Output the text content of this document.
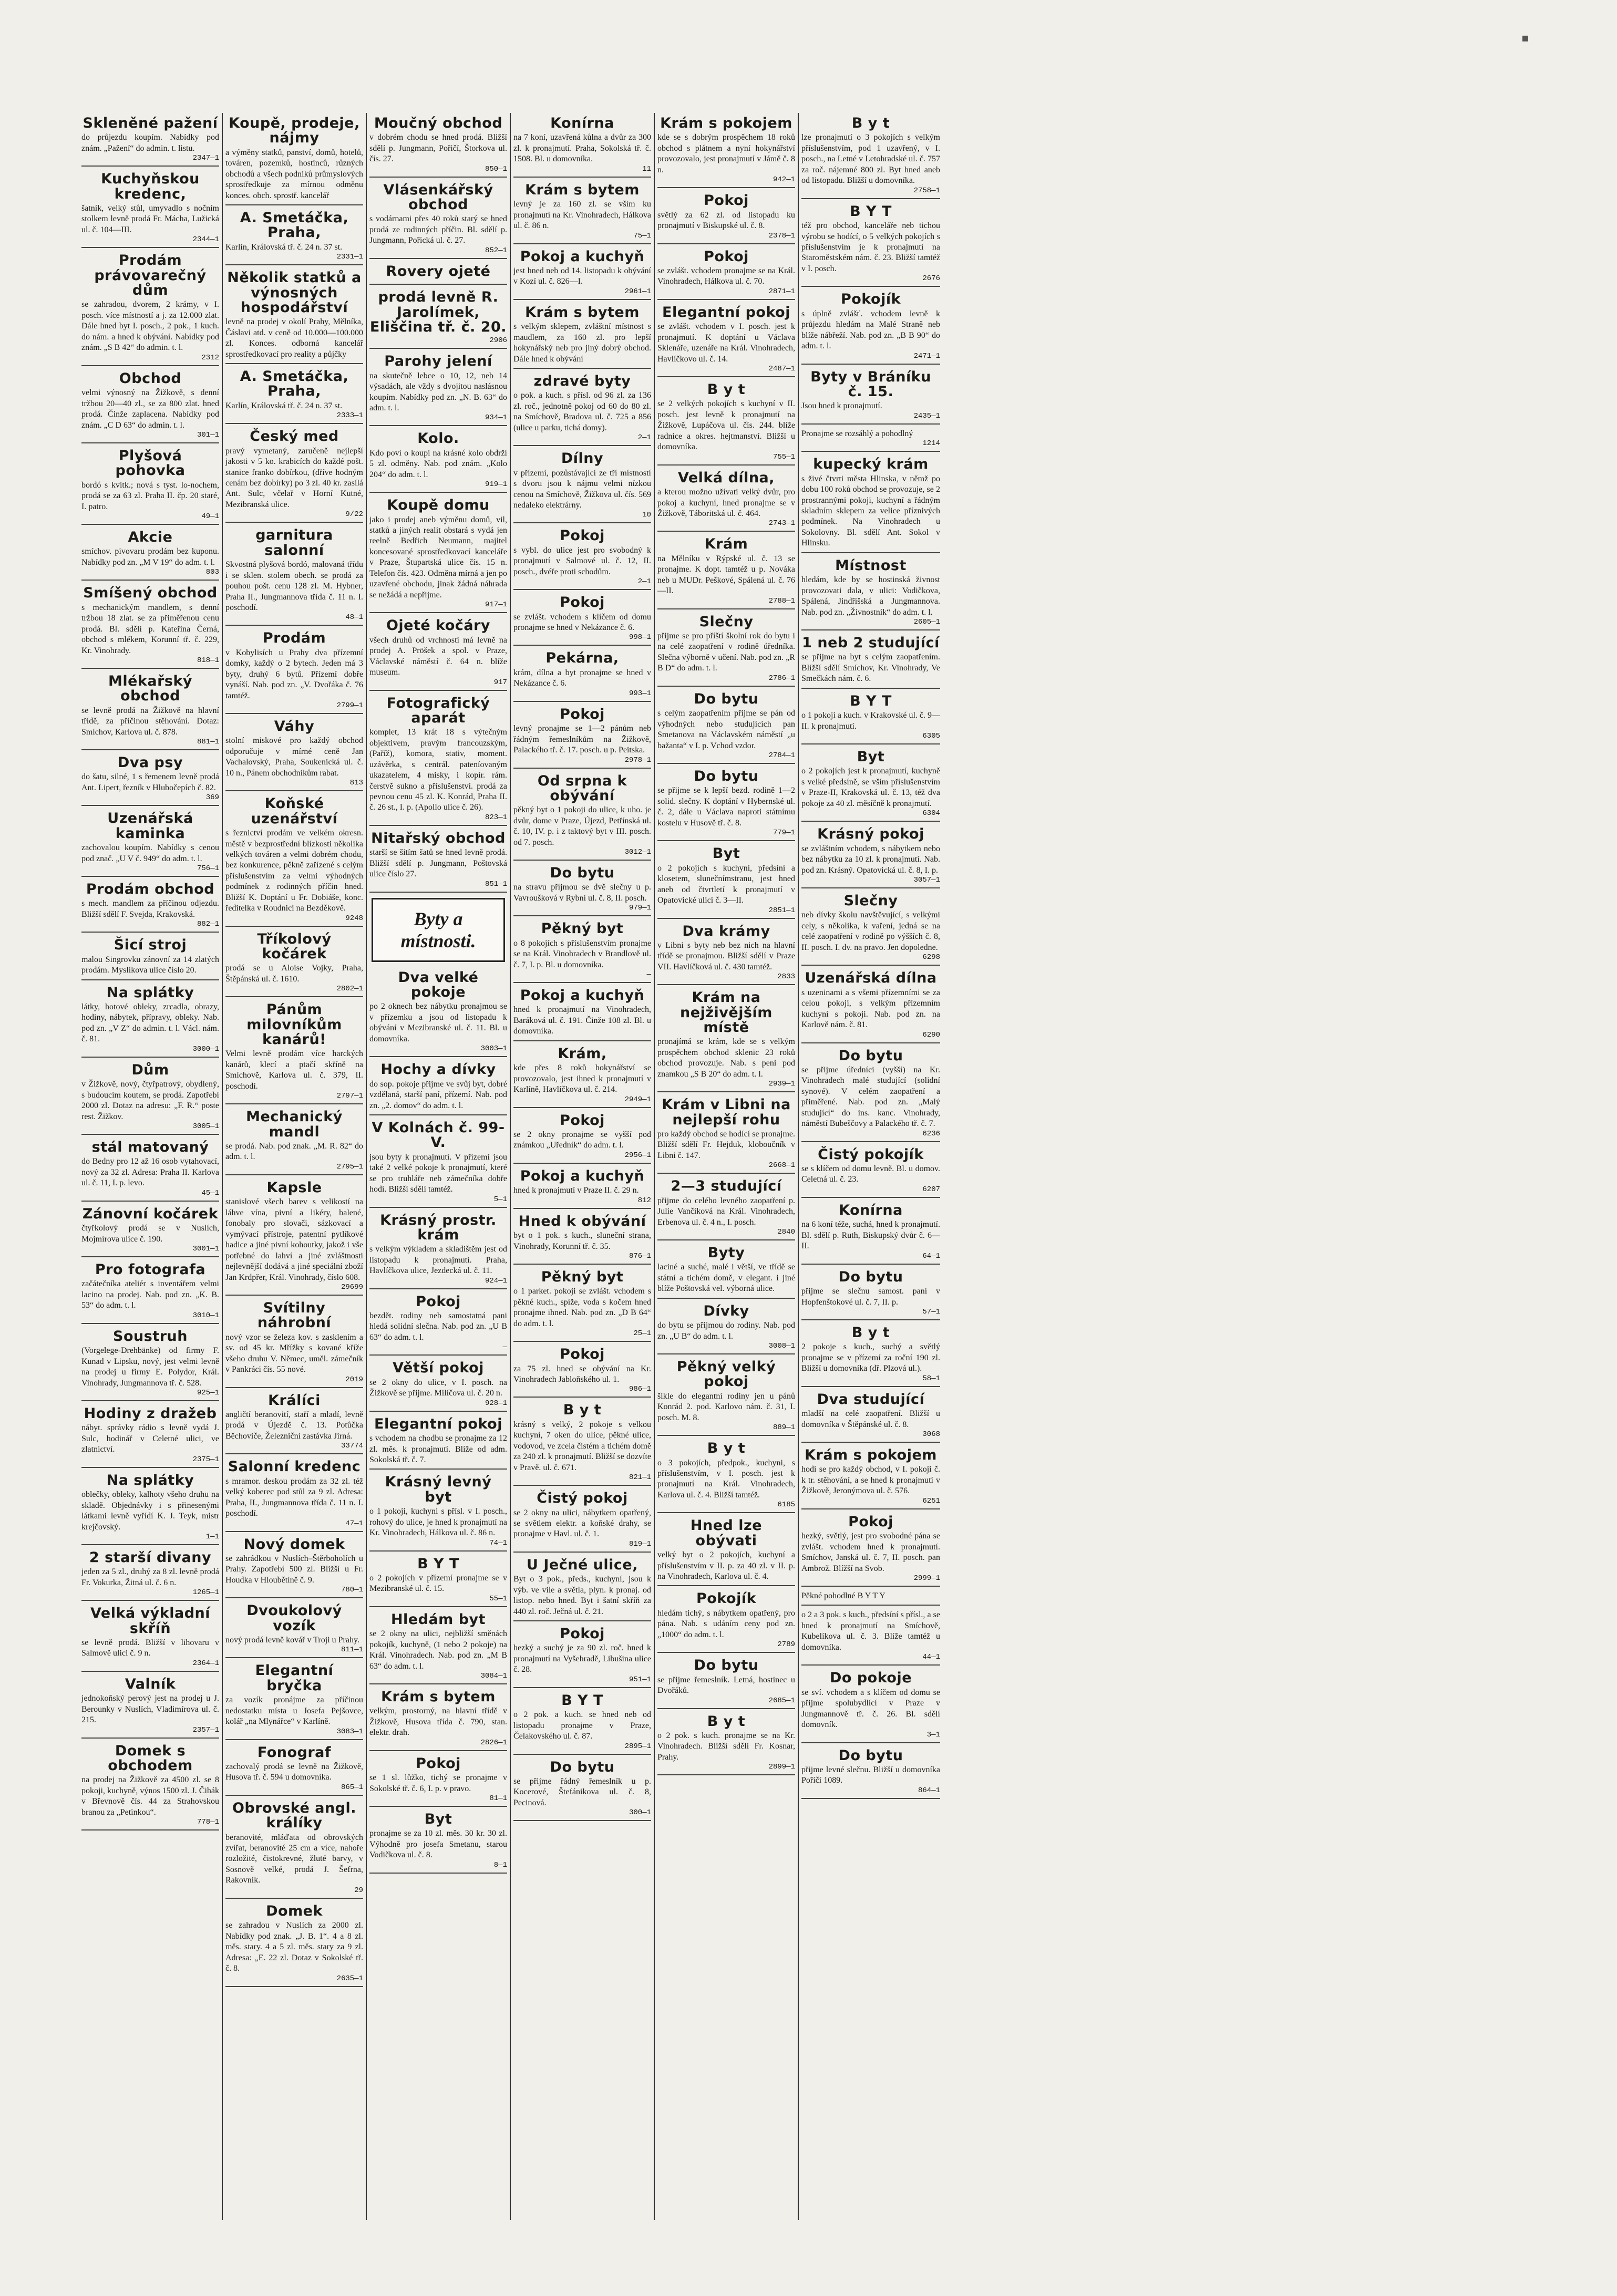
Skleněné pažení
do průjezdu koupím. Nabídky pod znám. „Pažení“ do admin. t. listu.
2347—1
Kuchyňskou kredenc,
šatník, velký stůl, umyvadlo s nočním stolkem levně prodá Fr. Mácha, Lužická ul. č. 104—III.
2344—1
Prodám právovarečný dům
se zahradou, dvorem, 2 krámy, v I. posch. více místností a j. za 12.000 zlat. Dále hned byt I. posch., 2 pok., 1 kuch. do nám. a hned k obývání. Nabídky pod znám. „S B 42“ do admin. t. l.
2312
Obchod
velmi výnosný na Žižkově, s denní tržbou 20—40 zl., se za 800 zlat. hned prodá. Činže zaplacena. Nabídky pod znám. „C D 63“ do admin. t. l.
301—1
Plyšová pohovka
bordó s kvítk.; nová s tyst. lo-nochem, prodá se za 63 zl. Praha II. čp. 20 staré, I. patro.
49—1
Akcie
smíchov. pivovaru prodám bez kuponu. Nabídky pod zn. „M V 19“ do adm. t. l.
803
Smíšený obchod
s mechanickým mandlem, s denní tržbou 18 zlat. se za přiměřenou cenu prodá. Bl. sdělí p. Kateřina Černá, obchod s mlékem, Korunní tř. č. 229, Kr. Vinohrady.
818—1
Mlékařský obchod
se levně prodá na Žižkově na hlavní třídě, za příčinou stěhování. Dotaz: Smíchov, Karlova ul. č. 878.
881—1
Dva psy
do šatu, silné, 1 s řemenem levně prodá Ant. Lipert, řezník v Hlubočepích č. 82.
369
Uzenářská kaminka
zachovalou koupím. Nabídky s cenou pod znač. „U V č. 949“ do adm. t. l.
756—1
Prodám obchod
s mech. mandlem za příčinou odjezdu. Bližší sdělí F. Svejda, Krakovská.
882—1
Šicí stroj
malou Singrovku zánovní za 14 zlatých prodám. Myslíkova ulice číslo 20.
Na splátky
látky, hotové obleky, zrcadla, obrazy, hodiny, nábytek, přípravy, obleky. Nab. pod zn. „V Z“ do admin. t. l. Václ. nám. č. 81.
3000—1
Dům
v Žižkově, nový, čtyřpatrový, obydlený, s budoucím koutem, se prodá. Zapotřebí 2000 zl. Dotaz na adresu: „F. R.“ poste rest. Žižkov.
3005—1
stál matovaný
do Bedny pro 12 až 16 osob vytahovací, nový za 32 zl. Adresa: Praha II. Karlova ul. č. 11, I. p. levo.
45—1
Zánovní kočárek
čtyřkolový prodá se v Nuslích, Mojmírova ulice č. 190.
3001—1
Pro fotografa
začátečníka ateliér s inventářem velmi lacino na prodej. Nab. pod zn. „K. B. 53“ do adm. t. l.
3010—1
Soustruh
(Vorgelege-Drehbänke) od firmy F. Kunad v Lipsku, nový, jest velmi levně na prodej u firmy E. Polydor, Král. Vinohrady, Jungmannova tř. č. 528.
925—1
Hodiny z dražeb
nábyt. správky rádio s levně vydá J. Sulc, hodinář v Celetné ulici, ve zlatnictví.
2375—1
Na splátky
oblečky, obleky, kalhoty všeho druhu na skladě. Objednávky i s přinesenými látkami levně vyřídí K. J. Teyk, mistr krejčovský.
1—1
2 starší divany
jeden za 5 zl., druhý za 8 zl. levně prodá Fr. Vokurka, Žitná ul. č. 6 n.
1265—1
Velká výkladní skříň
se levně prodá. Bližší v lihovaru v Salmově ulici č. 9 n.
2364—1
Valník
jednokoňský perový jest na prodej u J. Berounky v Nuslích, Vladimírova ul. č. 215.
2357—1
Domek s obchodem
na prodej na Žižkově za 4500 zl. se 8 pokoji, kuchyně, výnos 1500 zl. J. Čihák v Břevnově čís. 44 za Strahovskou branou za „Petinkou“.
778—1
Koupě, prodeje, nájmy
a výměny statků, panství, domů, hotelů, továren, pozemků, hostinců, různých obchodů a všech podniků průmyslových sprostředkuje za mírnou odměnu konces. obch. sprostř. kancelář
A. Smetáčka, Praha,
Karlín, Královská tř. č. 24 n. 37 st.
2331—1
Několik statků a výnosných hospodářství
levně na prodej v okolí Prahy, Mělníka, Čáslavi atd. v ceně od 10.000—100.000 zl. Konces. odborná kancelář sprostředkovací pro reality a půjčky
A. Smetáčka, Praha,
Karlín, Královská tř. č. 24 n. 37 st.
2333—1
Český med
pravý vymetaný, zaručeně nejlepší jakosti v 5 ko. krabicích do každé pošt. stanice franko dobírkou, (dříve hodným cenám bez dobírky) po 3 zl. 40 kr. zasílá Ant. Sulc, včelař v Horní Kutné, Mezibranská ulice.
9/22
garnitura salonní
Skvostná plyšová bordó, malovaná třídu i se sklen. stolem obech. se prodá za pouhou pošt. cenu 128 zl. M. Hybner, Praha II., Jungmannova třída č. 11 n. I. poschodí.
48—1
Prodám
v Kobylisích u Prahy dva přízemní domky, každý o 2 bytech. Jeden má 3 byty, druhý 6 bytů. Přízemí dobře vynáší. Nab. pod zn. „V. Dvořáka č. 76 tamtéž.
2799—1
Váhy
stolní miskové pro každý obchod odporučuje v mírné ceně Jan Vachalovský, Praha, Soukenická ul. č. 10 n., Pánem obchodníkům rabat.
813
Koňské uzenářství
s řeznictví prodám ve velkém okresn. městě v bezprostřední blízkosti několika velkých továren a velmi dobrém chodu, bez konkurence, pěkně zařízené s celým příslušenstvím za velmi výhodných podmínek z rodinných příčin hned. Bližší K. Doptání u Fr. Dobiáše, konc. ředitelka v Roudnici na Bezděkově.
9248
Tříkolový kočárek
prodá se u Aloise Vojky, Praha, Štěpánská ul. č. 1610.
2802—1
Pánům milovníkům kanárů!
Velmi levně prodám více harckých kanárů, klecí a ptačí skříně na Smíchově, Karlova ul. č. 379, II. poschodí.
2797—1
Mechanický mandl
se prodá. Nab. pod znak. „M. R. 82“ do adm. t. l.
2795—1
Kapsle
stanislové všech barev s velikostí na láhve vína, pivní a likéry, balené, fonobaly pro slovači, sázkovací a vymývací přístroje, patentní pytlíkové hadice a jiné pivní kohoutky, jakož i vše potřebné do lahví a jiné zvláštnosti nejlevnější dodává a jiné speciální zboží Jan Krdpřer, Král. Vinohrady, číslo 608.
29699
Svítilny náhrobní
nový vzor se železa kov. s zasklením a sv. od 45 kr. Mřížky s kované kříže všeho druhu V. Němec, uměl. zámečník v Pankráci čís. 55 nové.
2019
Králíci
angličtí beranovití, staří a mladí, levně prodá v Újezdě č. 13. Potůčka Běchoviče, Železniční zastávka Jirná.
33774
Salonní kredenc
s mramor. deskou prodám za 32 zl. též velký koberec pod stůl za 9 zl. Adresa: Praha, II., Jungmannova třída č. 11 n. I. poschodí.
47—1
Nový domek
se zahrádkou v Nuslích–Štěrboholích u Prahy. Zapotřebí 500 zl. Bližší u Fr. Houdka v Hloubětíně č. 9.
780—1
Dvoukolový vozík
nový prodá levně kovář v Troji u Prahy.
811—1
Elegantní bryčka
za vozík pronájme za příčinou nedostatku místa u Josefa Pejšovce, kolář „na Mlynářce“ v Karlíně.
3083—1
Fonograf
zachovalý prodá se levně na Žižkově, Husova tř. č. 594 u domovníka.
865—1
Obrovské angl. králíky
beranovité, mláďata od obrovských zvířat, beranovité 25 cm a více, nahoře rozložité, čistokrevné, žluté barvy, v Sosnově velké, prodá J. Šefrna, Rakovník.
29
Domek
se zahradou v Nuslích za 2000 zl. Nabídky pod znak. „J. B. 1“. 4 a 8 zl. měs. stary. 4 a 5 zl. měs. stary za 9 zl. Adresa: „E. 22 zl. Dotaz v Sokolské tř. č. 8.
2635—1
Moučný obchod
v dobrém chodu se hned prodá. Bližší sdělí p. Jungmann, Pořičí, Štorkova ul. čís. 27.
850—1
Vlásenkářský obchod
s vodárnami přes 40 roků starý se hned prodá ze rodinných příčin. Bl. sdělí p. Jungmann, Pořická ul. č. 27.
852—1
Rovery ojeté
prodá levně R. Jarolímek, Eliščina tř. č. 20.
2906
Parohy jelení
na skutečně lebce o 10, 12, neb 14 výsadách, ale vždy s dvojitou naslásnou koupím. Nabídky pod zn. „N. B. 63“ do adm. t. l.
934—1
Kolo.
Kdo poví o koupi na krásné kolo obdrží 5 zl. odměny. Nab. pod znám. „Kolo 204“ do adm. t. l.
919—1
Koupě domu
jako i prodej aneb výměnu domů, vil, statků a jiných realit obstará s vydá jen reelně Bedřich Neumann, majitel koncesované sprostředkovací kanceláře v Praze, Štupartská ulice čís. 15 n. Telefon čís. 423. Odměna mírná a jen po uzavřené obchodu, jinak žádná náhrada se nežádá a nepřijme.
917—1
Ojeté kočáry
všech druhů od vrchnosti má levně na prodej A. Pröšek a spol. v Praze, Václavské náměstí č. 64 n. blíže museum.
917
Fotografický aparát
komplet, 13 krát 18 s výtečným objektivem, pravým francouzským, (Paříž), komora, stativ, moment. uzávěrka, s centrál. pateníovaným ukazatelem, 4 misky, i kopír. rám. čerstvě sukno a příslušenství. prodá za pevnou cenu 45 zl. K. Konrád, Praha II. č. 26 st., I. p. (Apollo ulice č. 26).
823—1
Nitařský obchod
starší se šitím šatů se hned levně prodá. Bližší sdělí p. Jungmann, Poštovská ulice číslo 27.
851—1
Byty a místnosti.
Dva velké pokoje
po 2 oknech bez nábytku pronajmou se v přízemku a jsou od listopadu k obývání v Mezibranské ul. č. 11. Bl. u domovníka.
3003—1
Hochy a dívky
do sop. pokoje přijme ve svůj byt, dobré vzdělaná, starší paní, přízemí. Nab. pod zn. „2. domov“ do adm. t. l.
V Kolnách č. 99-V.
jsou byty k pronajmutí. V přízemí jsou také 2 velké pokoje k pronajmutí, které se pro truhláře neb zámečníka dobře hodí. Bližší sdělí tamtéž.
5—1
Krásný prostr. krám
s velkým výkladem a skladištěm jest od listopadu k pronajmutí. Praha, Havlíčkova ulice, Jezdecká ul. č. 11.
924—1
Pokoj
bezdět. rodiny neb samostatná pani hledá solidní slečna. Nab. pod zn. „U B 63“ do adm. t. l.
—
Větší pokoj
se 2 okny do ulice, v I. posch. na Žižkově se přijme. Milíčova ul. č. 20 n.
928—1
Elegantní pokoj
s vchodem na chodbu se pronajme za 12 zl. měs. k pronajmutí. Blíže od adm. Sokolská tř. č. 7.
Krásný levný byt
o 1 pokoji, kuchyni s přísl. v I. posch., rohový do ulice, je hned k pronajmutí na Kr. Vinohradech, Hálkova ul. č. 86 n.
74—1
B Y T
o 2 pokojích v přízemí pronajme se v Mezibranské ul. č. 15.
55—1
Hledám byt
se 2 okny na ulici, nejbližší směnách pokojík, kuchyně, (1 nebo 2 pokoje) na Král. Vinohradech. Nab. pod zn. „M B 63“ do adm. t. l.
3084—1
Krám s bytem
velkým, prostorný, na hlavní třídě v Žižkově, Husova třída č. 790, stan. elektr. drah.
2826—1
Pokoj
se 1 sl. lůžko, tichý se pronajme v Sokolské tř. č. 6, I. p. v pravo.
81—1
Byt
pronajme se za 10 zl. měs. 30 kr. 30 zl. Výhodně pro josefa Smetanu, starou Vodičkova ul. č. 8.
8—1
Konírna
na 7 koní, uzavřená kůlna a dvůr za 300 zl. k pronajmutí. Praha, Sokolská tř. č. 1508. Bl. u domovníka.
11
Krám s bytem
levný je za 160 zl. se vším ku pronajmutí na Kr. Vinohradech, Hálkova ul. č. 86 n.
75—1
Pokoj a kuchyň
jest hned neb od 14. listopadu k obývání v Kozí ul. č. 826—I.
2961—1
Krám s bytem
s velkým sklepem, zvláštní místnost s maudlem, za 160 zl. pro lepší hokynářský neb pro jiný dobrý obchod. Dále hned k obývání
zdravé byty
o pok. a kuch. s přísl. od 96 zl. za 136 zl. roč., jednotně pokoj od 60 do 80 zl. na Smíchově, Bradova ul. č. 725 a 856 (ulice u parku, tichá domy).
2—1
Dílny
v přízemí, pozůstávající ze tří místností s dvoru jsou k nájmu velmi nízkou cenou na Smíchově, Žižkova ul. čís. 569 nedaleko elektrárny.
10
Pokoj
s vybl. do ulice jest pro svobodný k pronajmutí v Salmové ul. č. 12, II. posch., dvéře proti schodům.
2—1
Pokoj
se zvlášt. vchodem s klíčem od domu pronajme se hned v Nekázance č. 6.
998—1
Pekárna,
krám, dílna a byt pronajme se hned v Nekázance č. 6.
993—1
Pokoj
levný pronajme se 1—2 pánům neb řádným řemeslníkům na Žižkově, Palackého tř. č. 17. posch. u p. Peitska.
2978—1
Od srpna k obývání
pěkný byt o 1 pokoji do ulice, k uho. je dvůr, dome v Praze, Újezd, Petřínská ul. č. 10, IV. p. i z taktový byt v III. posch. od 7. posch.
3012—1
Do bytu
na stravu příjmou se dvě slečny u p. Vavroušková v Rybní ul. č. 8, II. posch.
979—1
Pěkný byt
o 8 pokojích s příslušenstvím pronajme se na Král. Vinohradech v Brandlově ul. č. 7, I. p. Bl. u domovníka.
—
Pokoj a kuchyň
hned k pronajmutí na Vinohradech, Baráková ul. č. 191. Činže 108 zl. Bl. u domovníka.
Krám,
kde přes 8 roků hokynářství se provozovalo, jest ihned k pronajmutí v Karlíně, Havlíčkova ul. č. 214.
2949—1
Pokoj
se 2 okny pronajme se vyšší pod známkou „Uředník“ do adm. t. l.
2956—1
Pokoj a kuchyň
hned k pronajmutí v Praze II. č. 29 n.
812
Hned k obývání
byt o 1 pok. s kuch., sluneční strana, Vinohrady, Korunní tř. č. 35.
876—1
Pěkný byt
o 1 parket. pokoji se zvlášt. vchodem s pěkné kuch., spíže, voda s kočem hned pronajme ihned. Nab. pod zn. „D B 64“ do adm. t. l.
25—1
Pokoj
za 75 zl. hned se obývání na Kr. Vinohradech Jabloňského ul. 1.
986—1
B y t
krásný s velký, 2 pokoje s velkou kuchyní, 7 oken do ulice, pěkné ulice, vodovod, ve zcela čistém a tichém domě za 240 zl. k pronajmutí. Bližší se dozvíte v Pravě. ul. č. 671.
821—1
Čistý pokoj
se 2 okny na ulici, nábytkem opatřený, se světlem elektr. a koňské drahy, se pronajme v Havl. ul. č. 1.
819—1
U Ječné ulice,
Byt o 3 pok., předs., kuchyní, jsou k výb. ve vile a světla, plyn. k pronaj. od listop. nebo hned. Byt i šatní skříň za 440 zl. roč. Ječná ul. č. 21.
Pokoj
hezký a suchý je za 90 zl. roč. hned k pronajmutí na Vyšehradě, Libušina ulice č. 28.
951—1
B Y T
o 2 pok. a kuch. se hned neb od listopadu pronajme v Praze, Čelakovského ul. č. 87.
2895—1
Do bytu
se přijme řádný řemeslník u p. Kocerové, Štefánikova ul. č. 8, Pecinová.
300—1
Krám s pokojem
kde se s dobrým prospěchem 18 roků obchod s plátnem a nyní hokynářství provozovalo, jest pronajmutí v Jámě č. 8 n.
942—1
Pokoj
světlý za 62 zl. od listopadu ku pronajmutí v Biskupské ul. č. 8.
2378—1
Pokoj
se zvlášt. vchodem pronajme se na Král. Vinohradech, Hálkova ul. č. 70.
2871—1
Elegantní pokoj
se zvlášt. vchodem v I. posch. jest k pronajmutí. K doptání u Václava Sklenáře, uzenáře na Král. Vinohradech, Havlíčkovo ul. č. 14.
2487—1
B y t
se 2 velkých pokojích s kuchyní v II. posch. jest levně k pronajmutí na Žižkově, Lupáčova ul. čís. 244. blíže radnice a okres. hejtmanství. Bližší u domovníka.
755—1
Velká dílna,
a kterou možno užívati velký dvůr, pro pokoj a kuchyní, hned pronajme se v Žižkově, Táboritská ul. č. 464.
2743—1
Krám
na Mělníku v Rýpské ul. č. 13 se pronajme. K dopt. tamtéž u p. Nováka neb u MUDr. Peškové, Spálená ul. č. 76—II.
2788—1
Slečny
přijme se pro příští školní rok do bytu i na celé zaopatření v rodině úředníka. Slečna výborně v učení. Nab. pod zn. „R B D“ do adm. t. l.
2786—1
Do bytu
s celým zaopatřením přijme se pán od výhodných nebo studujících pan Smetanova na Václavském náměstí „u bažanta“ v I. p. Vchod vzdor.
2784—1
Do bytu
se přijme se k lepší bezd. rodině 1—2 solid. slečny. K doptání v Hybernské ul. č. 2, dále u Václava naproti státnímu kostelu v Husově tř. č. 8.
779—1
Byt
o 2 pokojích s kuchyní, předsíní a klosetem, slunečnímstranu, jest hned aneb od čtvrtletí k pronajmutí v Opatovické ulici č. 3—II.
2851—1
Dva krámy
v Libni s byty neb bez nich na hlavní třídě se pronajmou. Bližší sdělí v Praze VII. Havlíčková ul. č. 430 tamtéž.
2833
Krám na nejživějším místě
pronajímá se krám, kde se s velkým prospěchem obchod sklenic 23 roků obchod provozuje. Nab. s peni pod znamkou „S B 20“ do adm. t. l.
2939—1
Krám v Libni na nejlepší rohu
pro každý obchod se hodící se pronajme. Bližší sdělí Fr. Hejduk, kloboučník v Libni č. 147.
2668—1
2—3 studující
přijme do celého levného zaopatření p. Julie Vančíková na Král. Vinohradech, Erbenova ul. č. 4 n., I. posch.
2840
Byty
laciné a suché, malé i větší, ve třídě se státní a tichém domě, v elegant. i jiné blíže Poštovská vel. výborná ulice.
Dívky
do bytu se přijmou do rodiny. Nab. pod zn. „U B“ do adm. t. l.
3008—1
Pěkný velký pokoj
šikle do elegantní rodiny jen u pánů Konrád 2. pod. Karlovo nám. č. 31, I. posch. M. 8.
889—1
B y t
o 3 pokojích, předpok., kuchyni, s příslušenstvím, v I. posch. jest k pronajmutí na Král. Vinohradech, Karlova ul. č. 4. Bližší tamtéž.
6185
Hned lze obývati
velký byt o 2 pokojích, kuchyní a příslušenstvím v II. p. za 40 zl. v II. p. na Vinohradech, Karlova ul. č. 4.
Pokojík
hledám tichý, s nábytkem opatřený, pro pána. Nab. s udáním ceny pod zn. „1000“ do adm. t. l.
2789
Do bytu
se přijme řemeslník. Letná, hostinec u Dvořáků.
2685—1
B y t
o 2 pok. s kuch. pronajme se na Kr. Vinohradech. Bližší sdělí Fr. Kosnar, Prahy.
2899—1
B y t
lze pronajmutí o 3 pokojích s velkým příslušenstvím, pod 1 uzavřený, v I. posch., na Letné v Letohradské ul. č. 757 za roč. nájemné 800 zl. Byt hned aneb od listopadu. Bližší u domovníka.
2758—1
B Y T
též pro obchod, kanceláře neb tichou výrobu se hodící, o 5 velkých pokojích s příslušenstvím je k pronajmutí na Staroměstském nám. č. 23. Bližší tamtéž v I. posch.
2676
Pokojík
s úplně zvlášť. vchodem levně k průjezdu hledám na Malé Straně neb blíže nábřeží. Nab. pod zn. „B B 90“ do adm. t. l.
2471—1
Byty v Bráníku č. 15.
Jsou hned k pronajmutí.
2435—1
Pronajme se rozsáhlý a pohodlný
1214
kupecký krám
s živé čtvrti města Hlinska, v němž po dobu 100 roků obchod se provozuje, se 2 prostrannými pokoji, kuchyní a řádným skladním sklepem za velice příznivých podmínek. Na Vinohradech u Sokolovny. Bl. sdělí Ant. Sokol v Hlinsku.
Místnost
hledám, kde by se hostinská živnost provozovati dala, v ulici: Vodičkova, Spálená, Jindřišská a Jungmannova. Nab. pod zn. „Živnostník“ do adm. t. l.
2605—1
1 neb 2 studující
se přijme na byt s celým zaopatřením. Blížší sdělí Smíchov, Kr. Vinohrady, Ve Smečkách nám. č. 6.
B Y T
o 1 pokoji a kuch. v Krakovské ul. č. 9—II. k pronajmutí.
6305
Byt
o 2 pokojích jest k pronajmutí, kuchyně s velké předsíně, se vším příslušenstvím v Praze-II, Krakovská ul. č. 13, též dva pokoje za 40 zl. měsíčně k pronajmutí.
6304
Krásný pokoj
se zvláštním vchodem, s nábytkem nebo bez nábytku za 10 zl. k pronajmutí. Nab. pod zn. Krásný. Opatovická ul. č. 8, I. p.
3057—1
Slečny
neb dívky školu navštěvující, s velkými cely, s několika, k vaření, jedná se na celé zaopatření v rodině po výšších č. 8, II. posch. I. dv. na pravo. Jen dopoledne.
6298
Uzenářská dílna
s uzeninami a s všemi přízemními se za celou pokoji, s velkým přízemním kuchyní s pokoji. Nab. pod zn. na Karlově nám. č. 81.
6290
Do bytu
se přijme úředníci (vyšší) na Kr. Vinohradech malé studující (solidní synové). V celém zaopatření a přiměřené. Nab. pod zn. „Malý studující“ do ins. kanc. Vinohrady, náměstí Bubeščovy a Palackého tř. č. 7.
6236
Čistý pokojík
se s klíčem od domu levně. Bl. u domov. Celetná ul. č. 23.
6207
Konírna
na 6 koní téže, suchá, hned k pronajmutí. Bl. sdělí p. Ruth, Biskupský dvůr č. 6—II.
64—1
Do bytu
přijme se slečnu samost. paní v Hopfenštokové ul. č. 7, II. p.
57—1
B y t
2 pokoje s kuch., suchý a světlý pronajme se v přízemí za roční 190 zl. Bližší u domovníka (dř. Plzová ul.).
58—1
Dva studující
mladší na celé zaopatření. Bližší u domovníka v Štěpánské ul. č. 8.
3068
Krám s pokojem
hodí se pro každý obchod, v I. pokoji č. k tr. stěhování, a se hned k pronajmutí v Žižkově, Jeronýmova ul. č. 576.
6251
Pokoj
hezký, světlý, jest pro svobodné pána se zvlášt. vchodem hned k pronajmutí. Smíchov, Janská ul. č. 7, II. posch. pan Ambrož. Blížší na Svob.
2999—1
Pěkné pohodlné B Y T Y
o 2 a 3 pok. s kuch., předsíní s přísl., a se hned k pronajmutí na Smíchově, Kubelíkova ul. č. 3. Blíže tamtéž u domovníka.
44—1
Do pokoje
se sví. vchodem a s klíčem od domu se přijme spolubydlící v Praze v Jungmannově tř. č. 26. Bl. sdělí domovník.
3—1
Do bytu
přijme levné slečnu. Bližší u domovníka Poříčí 1089.
864—1
▪
